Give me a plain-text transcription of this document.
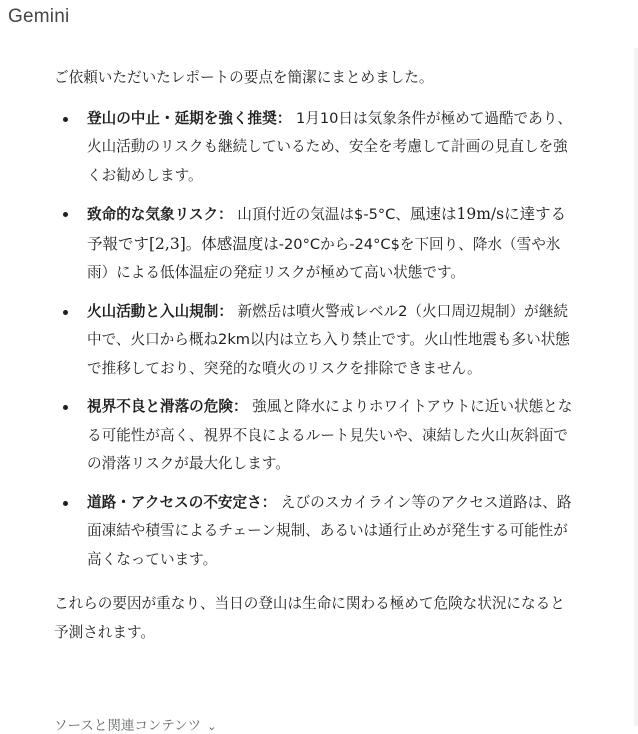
Gemini

ご依頼いただいたレポートの要点を簡潔にまとめました。

登山の中止・延期を強く推奨： 1月10日は気象条件が極めて過酷であり、火山活動のリスクも継続しているため、安全を考慮して計画の見直しを強くお勧めします。
致命的な気象リスク： 山頂付近の気温は$-5°C、風速は19m/sに達する予報です[2,3]。体感温度は-20°Cから-24°C$を下回り、降水（雪や氷雨）による低体温症の発症リスクが極めて高い状態です。
火山活動と入山規制： 新燃岳は噴火警戒レベル2（火口周辺規制）が継続中で、火口から概ね2km以内は立ち入り禁止です。火山性地震も多い状態で推移しており、突発的な噴火のリスクを排除できません。
視界不良と滑落の危険： 強風と降水によりホワイトアウトに近い状態となる可能性が高く、視界不良によるルート見失いや、凍結した火山灰斜面での滑落リスクが最大化します。
道路・アクセスの不安定さ： えびのスカイライン等のアクセス道路は、路面凍結や積雪によるチェーン規制、あるいは通行止めが発生する可能性が高くなっています。

これらの要因が重なり、当日の登山は生命に関わる極めて危険な状況になると予測されます。

ソースと関連コンテンツ ⌄
